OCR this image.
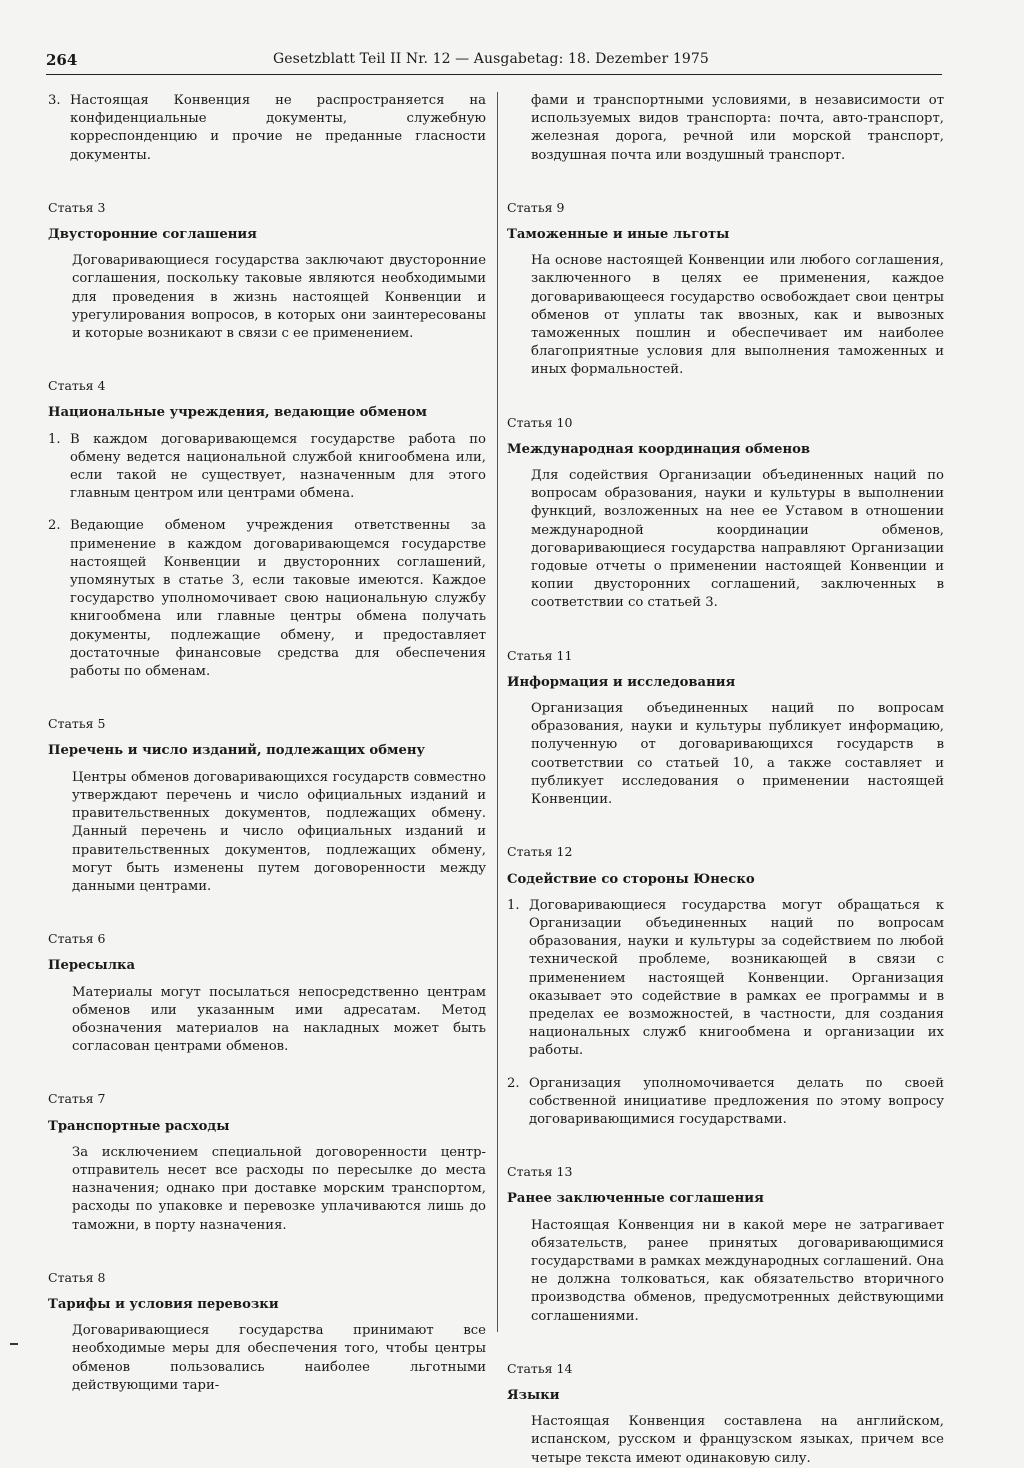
264	Gesetzblatt Teil II Nr. 12 — Ausgabetag: 18. Dezember 1975
3. Настоящая Конвенция не распространяется на конфиденциальные документы, служебную корреспонденцию и прочие не преданные гласности документы.
Статья 3
Двусторонние соглашения

Договаривающиеся государства заключают двусторонние соглашения, поскольку таковые являются необходимыми для проведения в жизнь настоящей Конвенции и урегулирования вопросов, в которых они заинтересованы и которые возникают в связи с ее применением.

Статья 4
Национальные учреждения, ведающие обменом
1. В каждом договаривающемся государстве работа по обмену ведется национальной службой книгообмена или, если такой не существует, назначенным для этого главным центром или центрами обмена.
2. Ведающие обменом учреждения ответственны за применение в каждом договаривающемся государстве настоящей Конвенции и двусторонних соглашений, упомянутых в статье 3, если таковые имеются. Каждое государство уполномочивает свою национальную службу книгообмена или главные центры обмена получать документы, подлежащие обмену, и предоставляет достаточные финансовые средства для обеспечения работы по обменам.
Статья 5
Перечень и число изданий, подлежащих обмену

Центры обменов договаривающихся государств совместно утверждают перечень и число официальных изданий и правительственных документов, подлежащих обмену. Данный перечень и число официальных изданий и правительственных документов, подлежащих обмену, могут быть изменены путем договоренности между данными центрами.

Статья 6
Пересылка

Материалы могут посылаться непосредственно центрам обменов или указанным ими адресатам. Метод обозначения материалов на накладных может быть согласован центрами обменов.

Статья 7
Транспортные расходы

За исключением специальной договоренности центр-отправитель несет все расходы по пересылке до места назначения; однако при доставке морским транспортом, расходы по упаковке и перевозке уплачиваются лишь до таможни, в порту назначения.

Статья 8
Тарифы и условия перевозки

Договаривающиеся государства принимают все необходимые меры для обеспечения того, чтобы центры обменов пользовались наиболее льготными действующими тари-

фами и транспортными условиями, в независимости от используемых видов транспорта: почта, авто-транспорт, железная дорога, речной или морской транспорт, воздушная почта или воздушный транспорт.

Статья 9
Таможенные и иные льготы

На основе настоящей Конвенции или любого соглашения, заключенного в целях ее применения, каждое договаривающееся государство освобождает свои центры обменов от уплаты так ввозных, как и вывозных таможенных пошлин и обеспечивает им наиболее благоприятные условия для выполнения таможенных и иных формальностей.

Статья 10
Международная координация обменов

Для содействия Организации объединенных наций по вопросам образования, науки и культуры в выполнении функций, возложенных на нее ее Уставом в отношении международной координации обменов, договаривающиеся государства направляют Организации годовые отчеты о применении настоящей Конвенции и копии двусторонних соглашений, заключенных в соответствии со статьей 3.

Статья 11
Информация и исследования

Организация объединенных наций по вопросам образования, науки и культуры публикует информацию, полученную от договаривающихся государств в соответствии со статьей 10, а также составляет и публикует исследования о применении настоящей Конвенции.

Статья 12
Содействие со стороны Юнеско
1. Договаривающиеся государства могут обращаться к Организации объединенных наций по вопросам образования, науки и культуры за содействием по любой технической проблеме, возникающей в связи с применением настоящей Конвенции. Организация оказывает это содействие в рамках ее программы и в пределах ее возможностей, в частности, для создания национальных служб книгообмена и организации их работы.
2. Организация уполномочивается делать по своей собственной инициативе предложения по этому вопросу договаривающимися государствами.
Статья 13
Ранее заключенные соглашения

Настоящая Конвенция ни в какой мере не затрагивает обязательств, ранее принятых договаривающимися государствами в рамках международных соглашений. Она не должна толковаться, как обязательство вторичного производства обменов, предусмотренных действующими соглашениями.

Статья 14
Языки

Настоящая Конвенция составлена на английском, испанском, русском и французском языках, причем все четыре текста имеют одинаковую силу.
